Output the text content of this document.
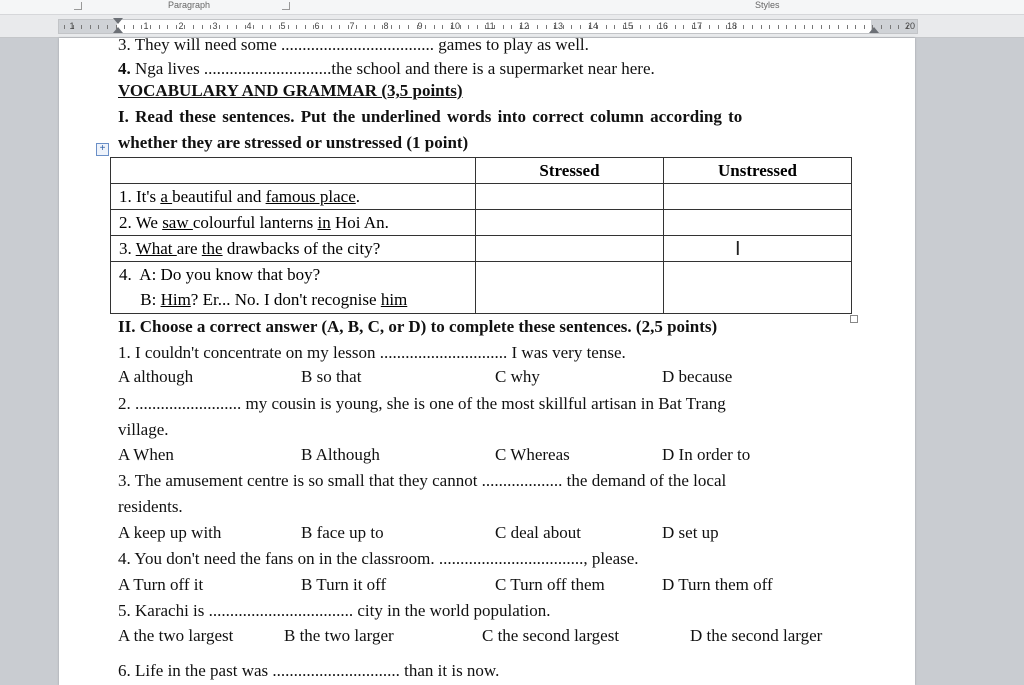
Paragraph	Styles
1	1	2	3	4	5	6	7	8	9	10	11	12	13	14	15	16	17	18	20
3. They will need some .................................... games to play as well.
4. Nga lives ..............................the school and there is a supermarket near here.
VOCABULARY AND GRAMMAR (3,5 points)
I. Read these sentences. Put the underlined words into correct column according to
whether they are stressed or unstressed (1 point)
+
	Stressed	Unstressed
1. It's a beautiful and famous place.		
2. We saw colourful lanterns in Hoi An.		
3. What are the drawbacks of the city?		

4.  A: Do you know that boy?
B: Him? Er... No. I don't recognise him		

I
II. Choose a correct answer (A, B, C, or D) to complete these sentences. (2,5 points)
1. I couldn't concentrate on my lesson .............................. I was very tense.
A although	B so that	C why	D because
2. ......................... my cousin is young, she is one of the most skillful artisan in Bat Trang
village.
A When	B Although	C Whereas	D In order to
3. The amusement centre is so small that they cannot ................... the demand of the local
residents.
A keep up with	B face up to	C deal about	D set up
4. You don't need the fans on in the classroom. .................................., please.
A Turn off it	B Turn it off	C Turn off them	D Turn them off
5. Karachi is .................................. city in the world population.
A the two largest	B the two larger	C the second largest	D the second larger
6. Life in the past was .............................. than it is now.
